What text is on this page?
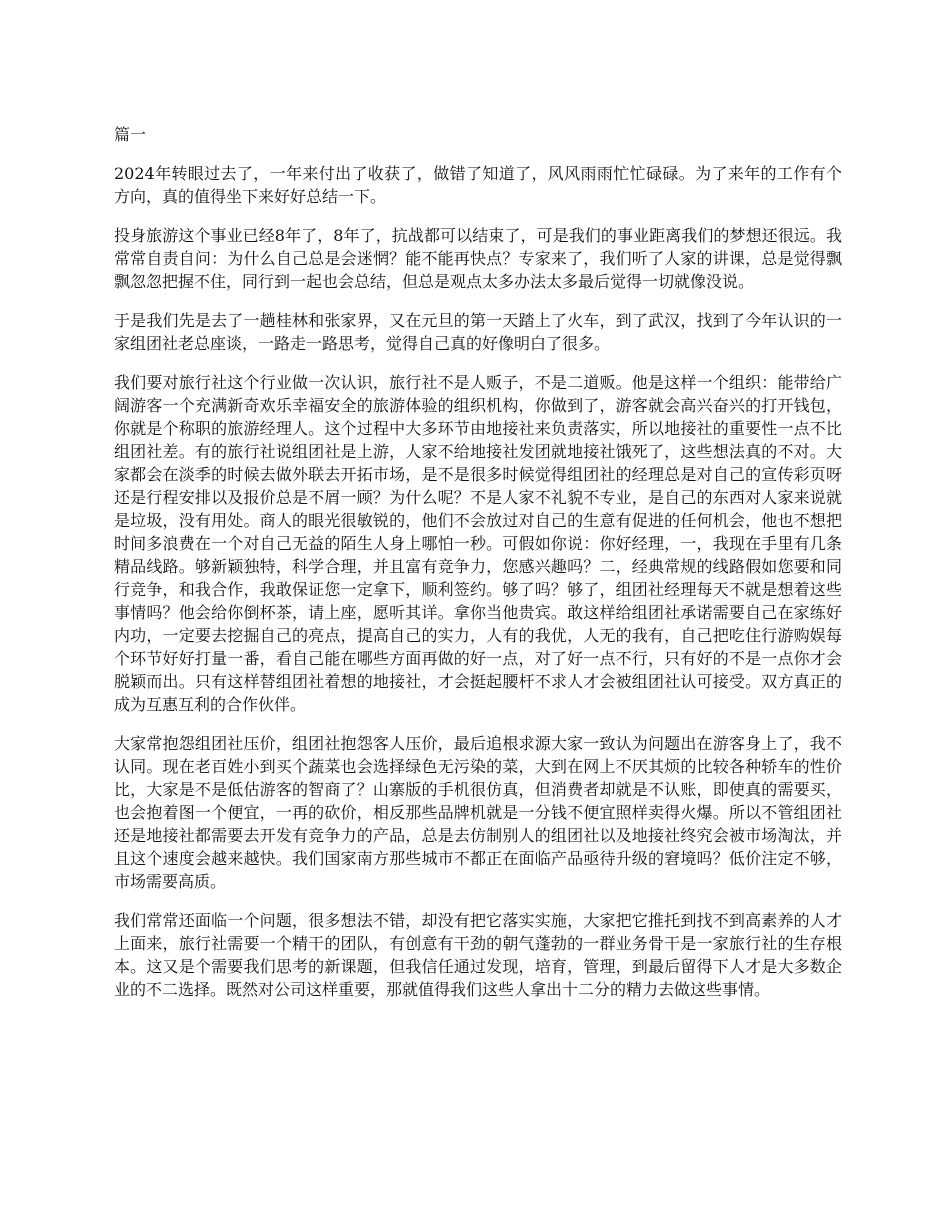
篇一

2024年转眼过去了，一年来付出了收获了，做错了知道了，风风雨雨忙忙碌碌。为了来年的工作有个方向，真的值得坐下来好好总结一下。

投身旅游这个事业已经8年了，8年了，抗战都可以结束了，可是我们的事业距离我们的梦想还很远。我常常自责自问：为什么自己总是会迷惘？能不能再快点？专家来了，我们听了人家的讲课，总是觉得飘飘忽忽把握不住，同行到一起也会总结，但总是观点太多办法太多最后觉得一切就像没说。

于是我们先是去了一趟桂林和张家界，又在元旦的第一天踏上了火车，到了武汉，找到了今年认识的一家组团社老总座谈，一路走一路思考，觉得自己真的好像明白了很多。

我们要对旅行社这个行业做一次认识，旅行社不是人贩子，不是二道贩。他是这样一个组织：能带给广阔游客一个充满新奇欢乐幸福安全的旅游体验的组织机构，你做到了，游客就会高兴奋兴的打开钱包，你就是个称职的旅游经理人。这个过程中大多环节由地接社来负责落实，所以地接社的重要性一点不比组团社差。有的旅行社说组团社是上游，人家不给地接社发团就地接社饿死了，这些想法真的不对。大家都会在淡季的时候去做外联去开拓市场，是不是很多时候觉得组团社的经理总是对自己的宣传彩页呀还是行程安排以及报价总是不屑一顾？为什么呢？不是人家不礼貌不专业，是自己的东西对人家来说就是垃圾，没有用处。商人的眼光很敏锐的，他们不会放过对自己的生意有促进的任何机会，他也不想把时间多浪费在一个对自己无益的陌生人身上哪怕一秒。可假如你说：你好经理，一，我现在手里有几条精品线路。够新颖独特，科学合理，并且富有竞争力，您感兴趣吗？二，经典常规的线路假如您要和同行竞争，和我合作，我敢保证您一定拿下，顺利签约。够了吗？够了，组团社经理每天不就是想着这些事情吗？他会给你倒杯茶，请上座，愿听其详。拿你当他贵宾。敢这样给组团社承诺需要自己在家练好内功，一定要去挖掘自己的亮点，提高自己的实力，人有的我优，人无的我有，自己把吃住行游购娱每个环节好好打量一番，看自己能在哪些方面再做的好一点，对了好一点不行，只有好的不是一点你才会脱颖而出。只有这样替组团社着想的地接社，才会挺起腰杆不求人才会被组团社认可接受。双方真正的成为互惠互利的合作伙伴。

大家常抱怨组团社压价，组团社抱怨客人压价，最后追根求源大家一致认为问题出在游客身上了，我不认同。现在老百姓小到买个蔬菜也会选择绿色无污染的菜，大到在网上不厌其烦的比较各种轿车的性价比，大家是不是低估游客的智商了？山寨版的手机很仿真，但消费者却就是不认账，即使真的需要买，也会抱着图一个便宜，一再的砍价，相反那些品牌机就是一分钱不便宜照样卖得火爆。所以不管组团社还是地接社都需要去开发有竞争力的产品，总是去仿制别人的组团社以及地接社终究会被市场淘汰，并且这个速度会越来越快。我们国家南方那些城市不都正在面临产品亟待升级的窘境吗？低价注定不够，市场需要高质。

我们常常还面临一个问题，很多想法不错，却没有把它落实实施，大家把它推托到找不到高素养的人才上面来，旅行社需要一个精干的团队，有创意有干劲的朝气蓬勃的一群业务骨干是一家旅行社的生存根本。这又是个需要我们思考的新课题，但我信任通过发现，培育，管理，到最后留得下人才是大多数企业的不二选择。既然对公司这样重要，那就值得我们这些人拿出十二分的精力去做这些事情。
